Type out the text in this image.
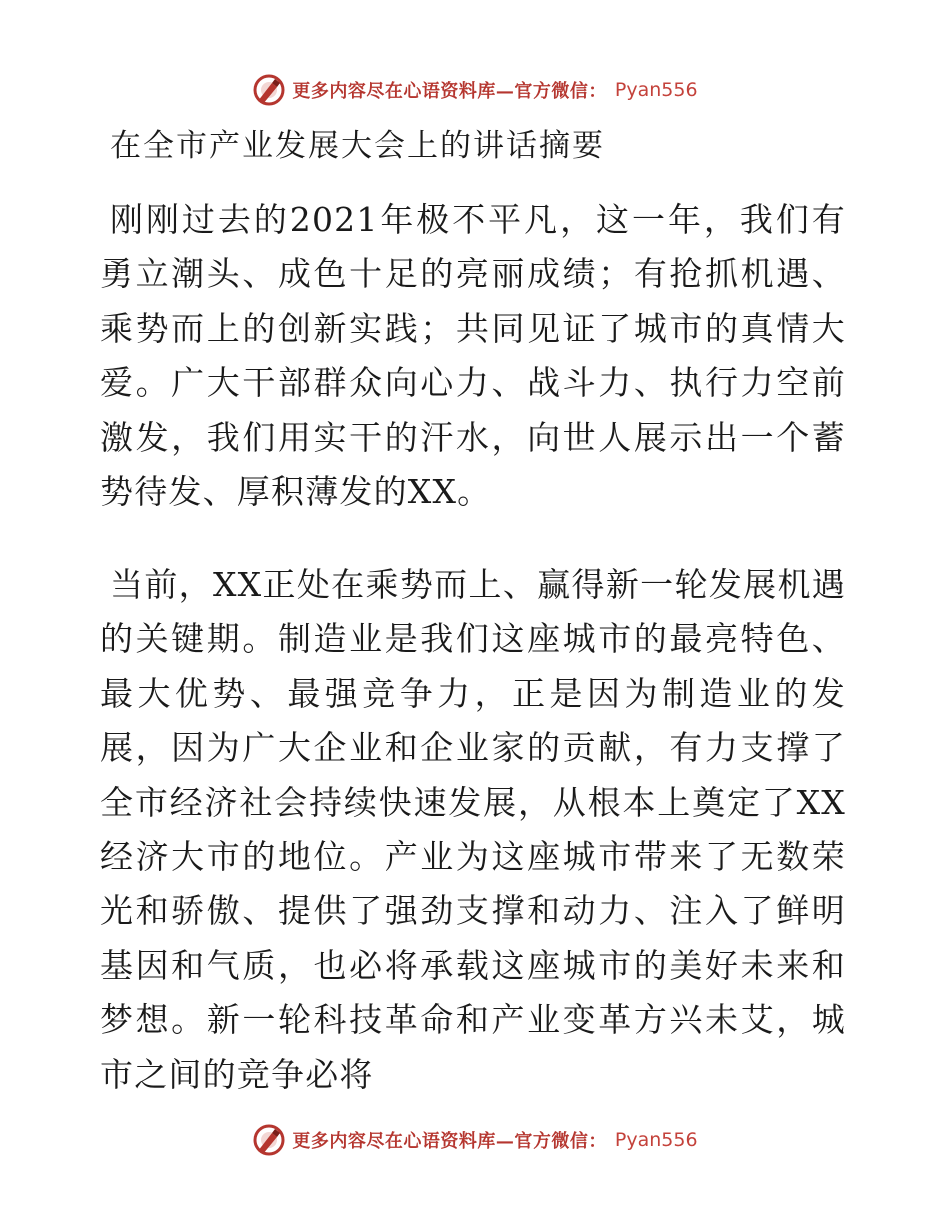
更多内容尽在心语资料库—官方微信： Pyan556
在全市产业发展大会上的讲话摘要

刚刚过去的2021年极不平凡，这一年，我们有勇立潮头、成色十足的亮丽成绩；有抢抓机遇、乘势而上的创新实践；共同见证了城市的真情大爱。广大干部群众向心力、战斗力、执行力空前激发，我们用实干的汗水，向世人展示出一个蓄势待发、厚积薄发的XX。

当前，XX正处在乘势而上、赢得新一轮发展机遇的关键期。制造业是我们这座城市的最亮特色、最大优势、最强竞争力，正是因为制造业的发展，因为广大企业和企业家的贡献，有力支撑了全市经济社会持续快速发展，从根本上奠定了XX经济大市的地位。产业为这座城市带来了无数荣光和骄傲、提供了强劲支撑和动力、注入了鲜明基因和气质，也必将承载这座城市的美好未来和梦想。新一轮科技革命和产业变革方兴未艾，城市之间的竞争必将

更多内容尽在心语资料库—官方微信： Pyan556
